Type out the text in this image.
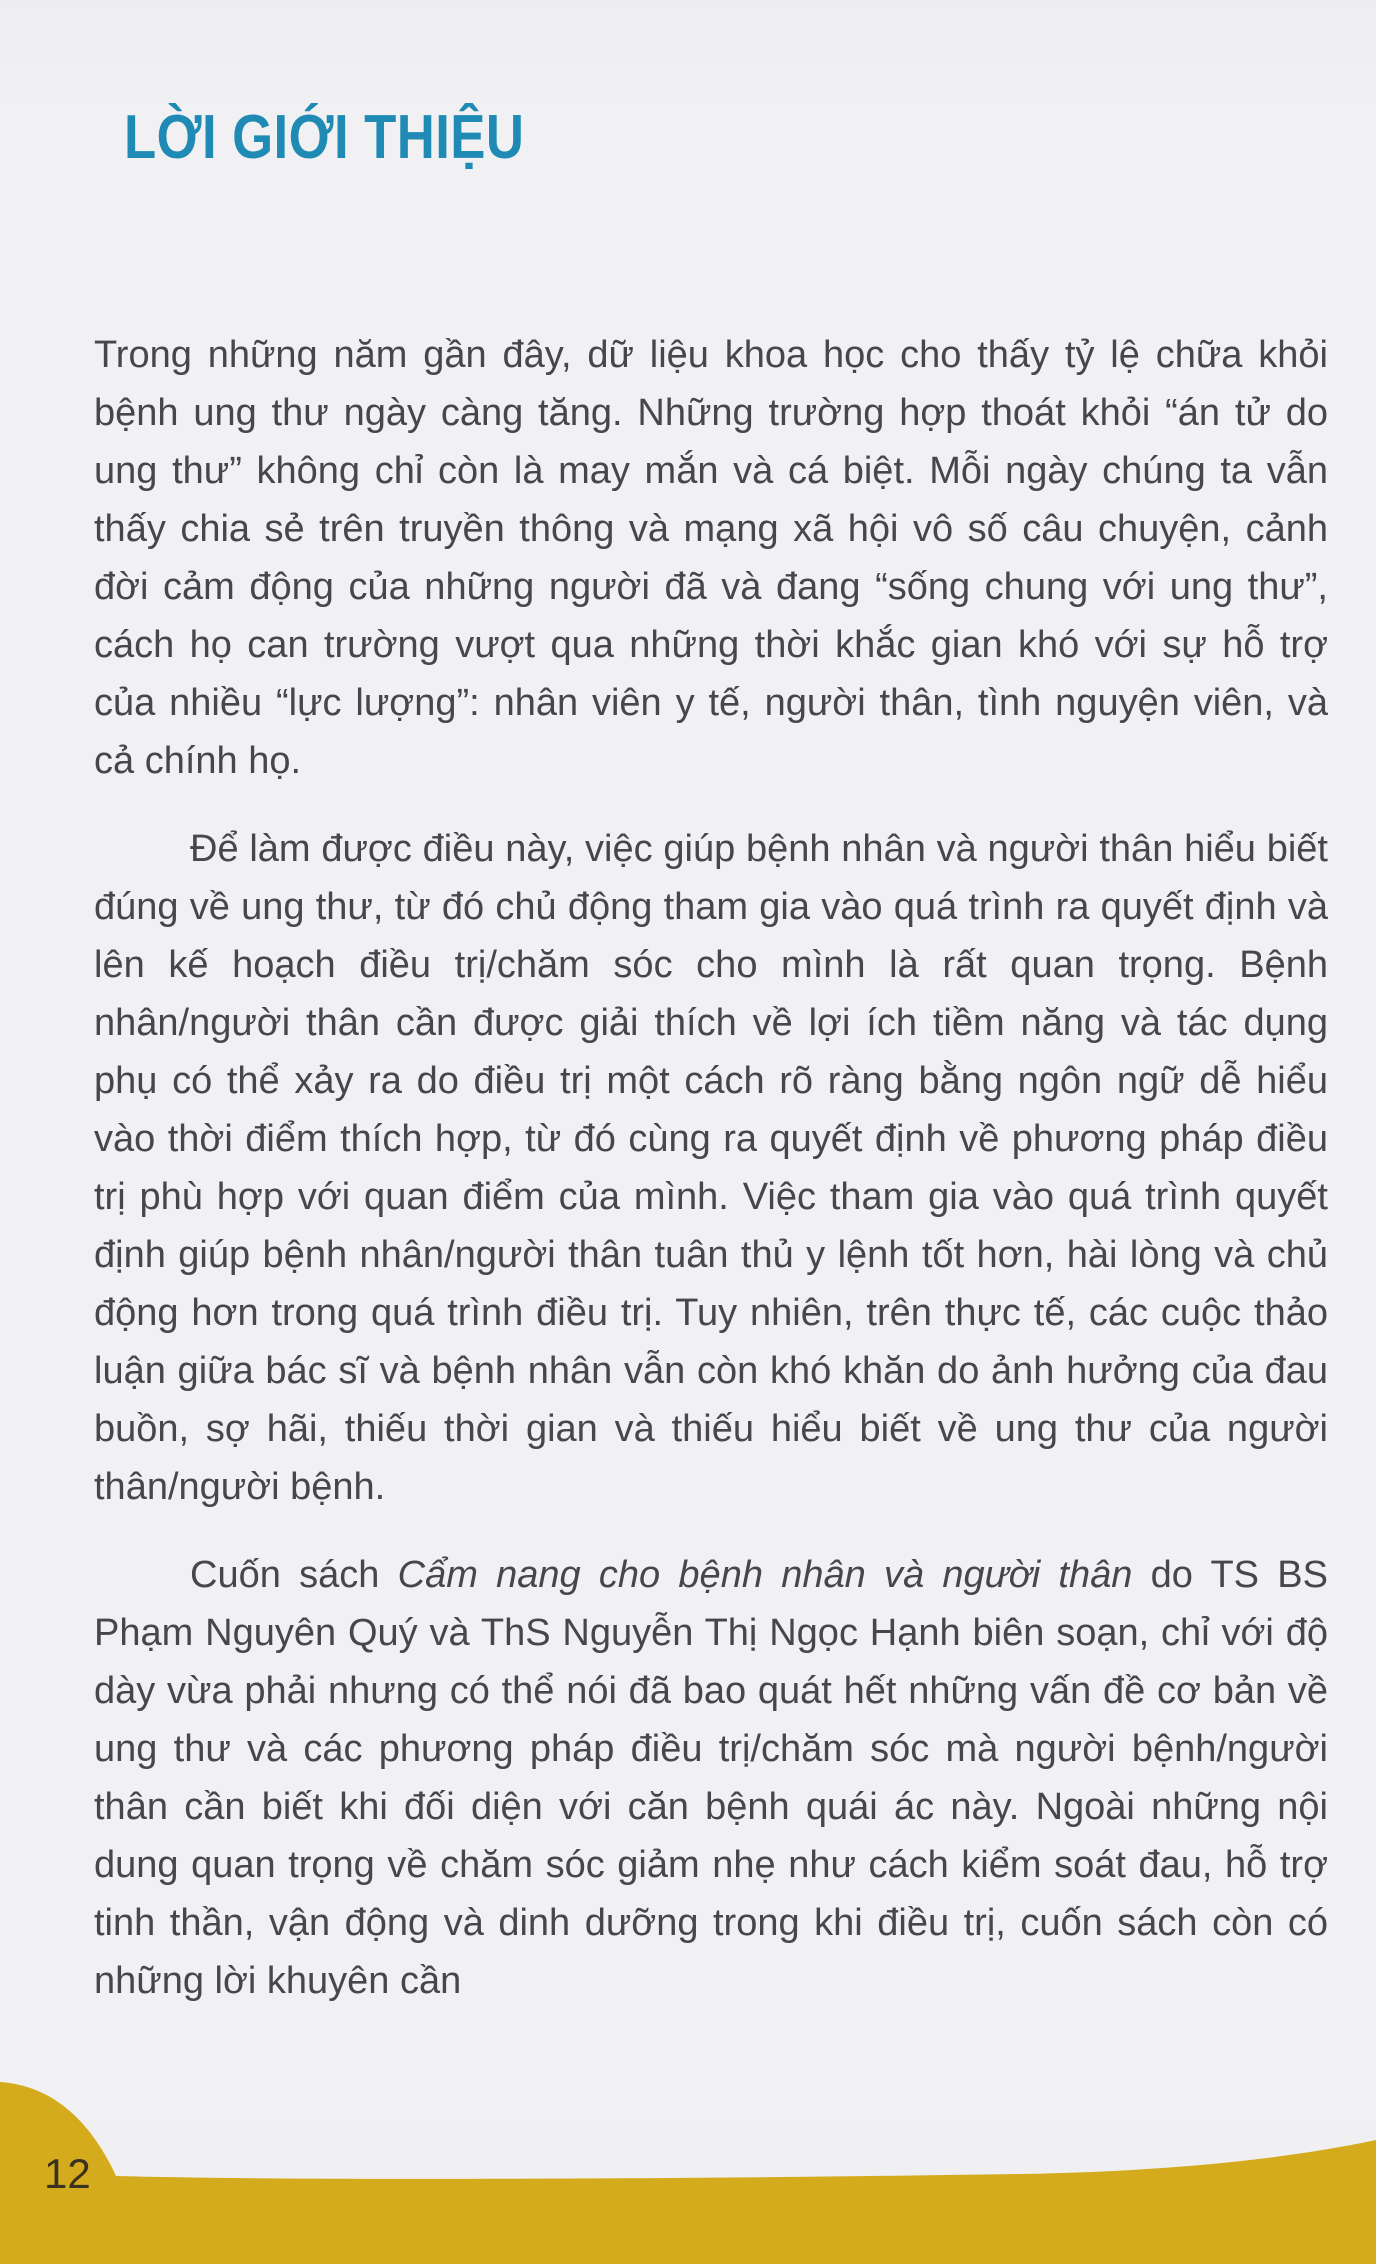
LỜI GIỚI THIỆU

Trong những năm gần đây, dữ liệu khoa học cho thấy tỷ lệ chữa khỏi bệnh ung thư ngày càng tăng. Những trường hợp thoát khỏi “án tử do ung thư” không chỉ còn là may mắn và cá biệt. Mỗi ngày chúng ta vẫn thấy chia sẻ trên truyền thông và mạng xã hội vô số câu chuyện, cảnh đời cảm động của những người đã và đang “sống chung với ung thư”, cách họ can trường vượt qua những thời khắc gian khó với sự hỗ trợ của nhiều “lực lượng”: nhân viên y tế, người thân, tình nguyện viên, và cả chính họ.

Để làm được điều này, việc giúp bệnh nhân và người thân hiểu biết đúng về ung thư, từ đó chủ động tham gia vào quá trình ra quyết định và lên kế hoạch điều trị/chăm sóc cho mình là rất quan trọng. Bệnh nhân/người thân cần được giải thích về lợi ích tiềm năng và tác dụng phụ có thể xảy ra do điều trị một cách rõ ràng bằng ngôn ngữ dễ hiểu vào thời điểm thích hợp, từ đó cùng ra quyết định về phương pháp điều trị phù hợp với quan điểm của mình. Việc tham gia vào quá trình quyết định giúp bệnh nhân/người thân tuân thủ y lệnh tốt hơn, hài lòng và chủ động hơn trong quá trình điều trị. Tuy nhiên, trên thực tế, các cuộc thảo luận giữa bác sĩ và bệnh nhân vẫn còn khó khăn do ảnh hưởng của đau buồn, sợ hãi, thiếu thời gian và thiếu hiểu biết về ung thư của người thân/người bệnh.

Cuốn sách Cẩm nang cho bệnh nhân và người thân do TS BS Phạm Nguyên Quý và ThS Nguyễn Thị Ngọc Hạnh biên soạn, chỉ với độ dày vừa phải nhưng có thể nói đã bao quát hết những vấn đề cơ bản về ung thư và các phương pháp điều trị/chăm sóc mà người bệnh/người thân cần biết khi đối diện với căn bệnh quái ác này. Ngoài những nội dung quan trọng về chăm sóc giảm nhẹ như cách kiểm soát đau, hỗ trợ tinh thần, vận động và dinh dưỡng trong khi điều trị, cuốn sách còn có những lời khuyên cần

12
